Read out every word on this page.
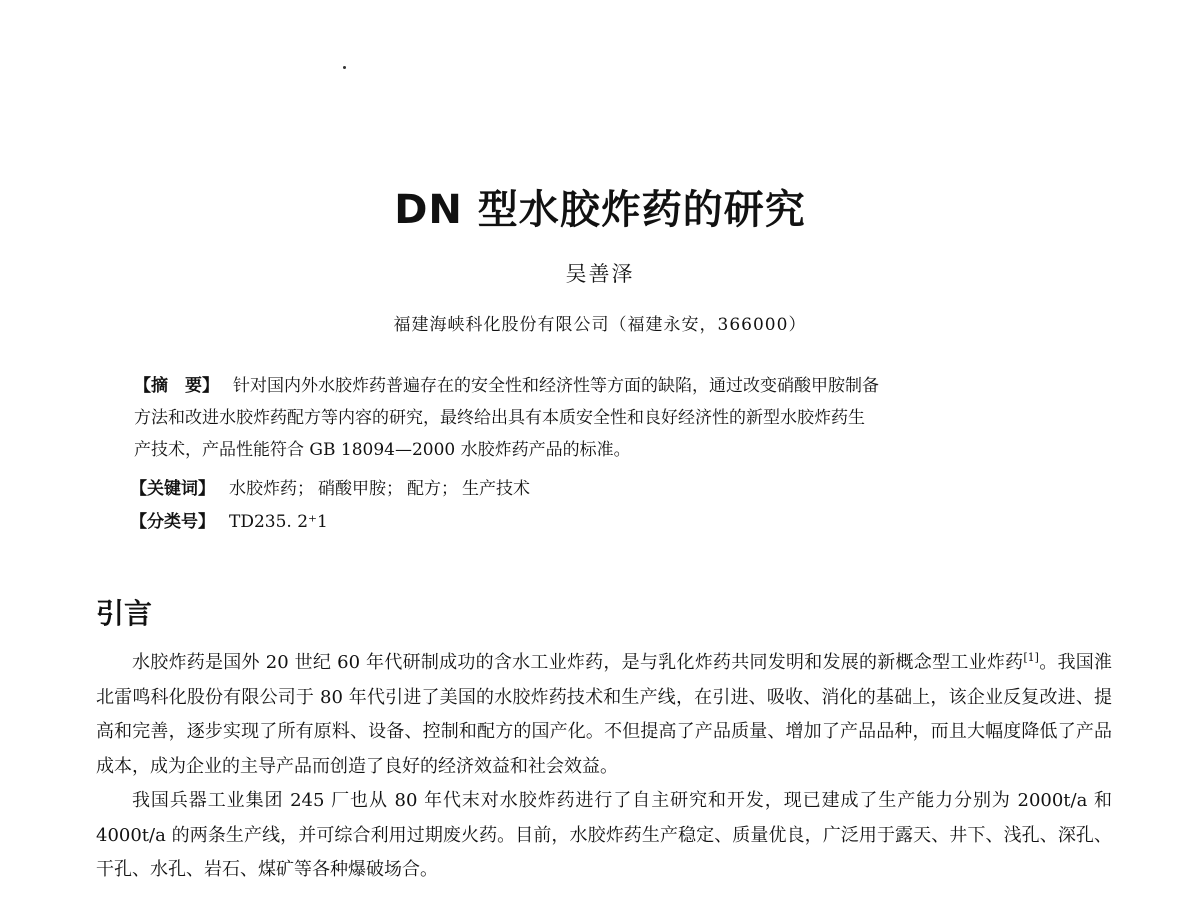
DN 型水胶炸药的研究
吴善泽
福建海峡科化股份有限公司（福建永安，366000）
【摘　要】 针对国内外水胶炸药普遍存在的安全性和经济性等方面的缺陷，通过改变硝酸甲胺制备
方法和改进水胶炸药配方等内容的研究，最终给出具有本质安全性和良好经济性的新型水胶炸药生
产技术，产品性能符合 GB 18094—2000 水胶炸药产品的标准。
【关键词】 水胶炸药； 硝酸甲胺； 配方； 生产技术
【分类号】 TD235. 2⁺1
引言

水胶炸药是国外 20 世纪 60 年代研制成功的含水工业炸药，是与乳化炸药共同发明和发展的新概念型工业炸药[1]。我国淮北雷鸣科化股份有限公司于 80 年代引进了美国的水胶炸药技术和生产线，在引进、吸收、消化的基础上，该企业反复改进、提高和完善，逐步实现了所有原料、设备、控制和配方的国产化。不但提高了产品质量、增加了产品品种，而且大幅度降低了产品成本，成为企业的主导产品而创造了良好的经济效益和社会效益。

我国兵器工业集团 245 厂也从 80 年代末对水胶炸药进行了自主研究和开发，现已建成了生产能力分别为 2000t/a 和 4000t/a 的两条生产线，并可综合利用过期废火药。目前，水胶炸药生产稳定、质量优良，广泛用于露天、井下、浅孔、深孔、干孔、水孔、岩石、煤矿等各种爆破场合。
